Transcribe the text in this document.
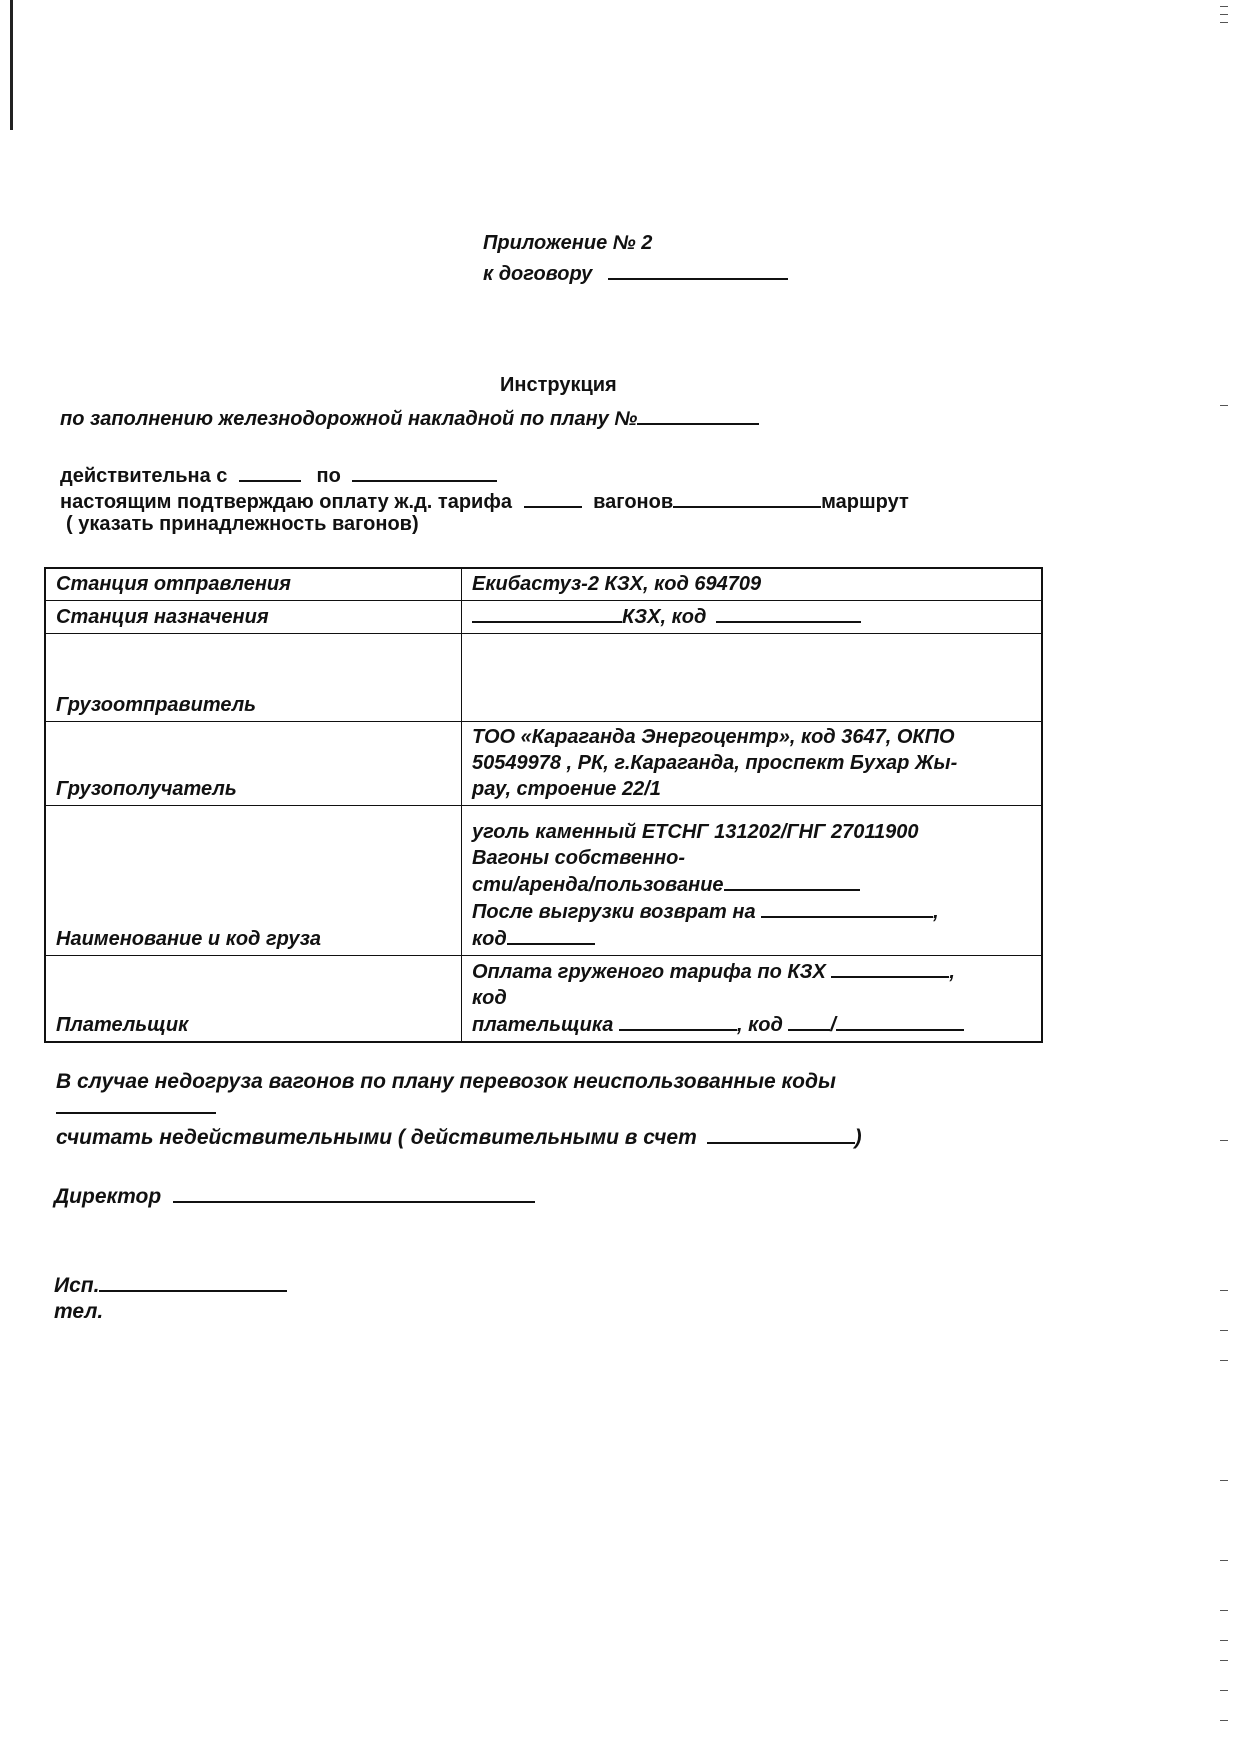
Приложение № 2
к договору
Инструкция
по заполнению железнодорожной накладной по плану №
действительна с	по
настоящим подтверждаю оплату ж.д. тарифа	вагонов	маршрут
( указать принадлежность вагонов)
Станция отправления	Екибастуз-2 КЗХ, код 694709
Станция назначения	КЗХ, код
Грузоотправитель	
Грузополучатель	ТОО «Караганда Энергоцентр», код 3647, ОКПО
50549978 , РК, г.Караганда, проспект Бухар Жы-
рау, строение 22/1

Наименование и код груза	уголь каменный ЕТСНГ 131202/ГНГ 27011900
Вагоны собственно-
сти/аренда/пользование
После выгрузки возврат на ,
код

Плательщик	Оплата груженого тарифа по КЗХ ,
код
плательщика , код /
В случае недогруза вагонов по плану перевозок неиспользованные коды
считать недействительными ( действительными в счет	)
Директор
Исп.
тел.
